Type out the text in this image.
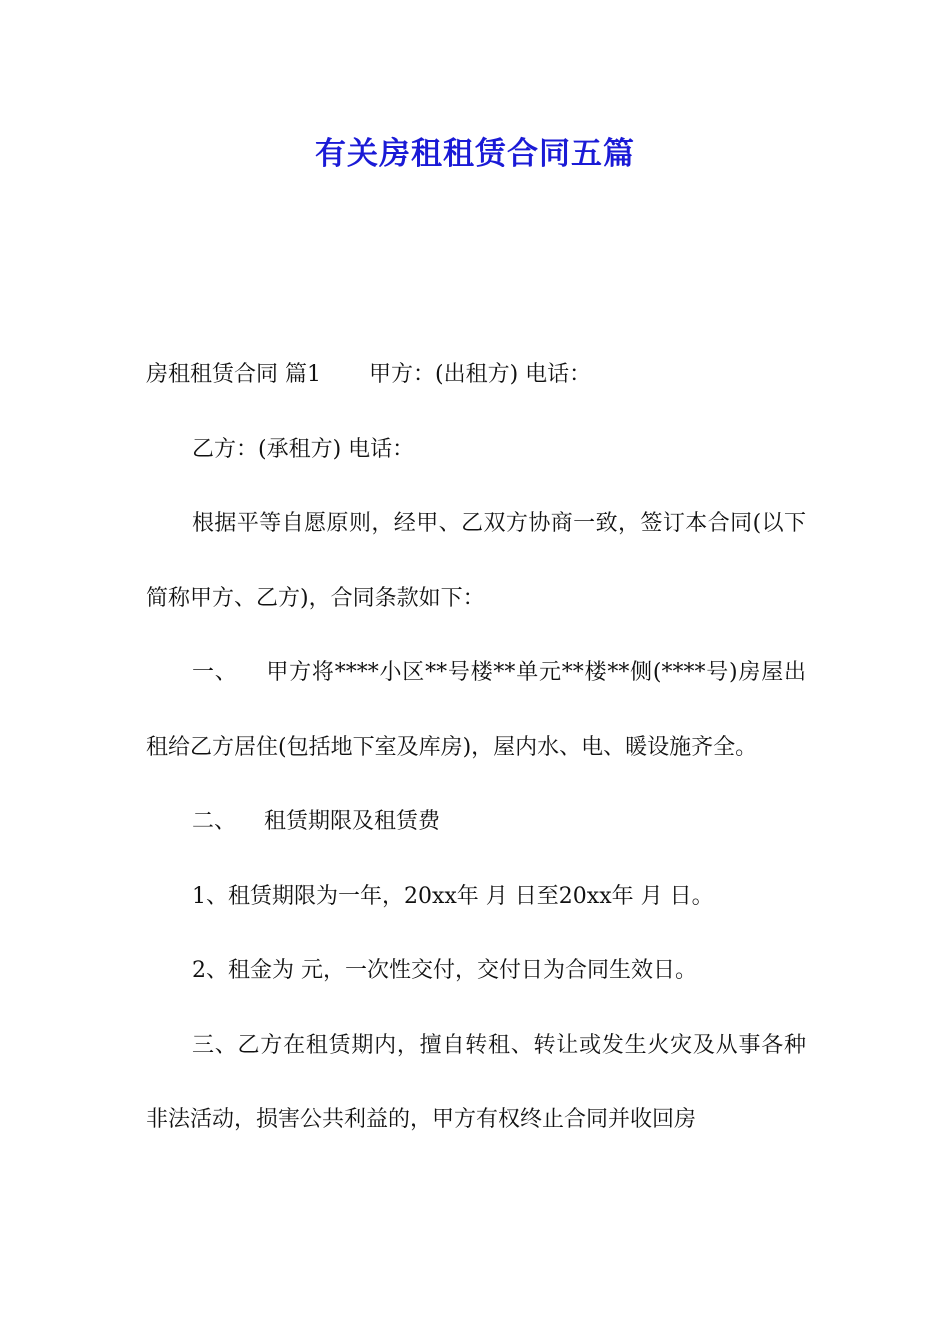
有关房租租赁合同五篇

房租租赁合同 篇1 甲方：(出租方) 电话：

乙方：(承租方) 电话：

根据平等自愿原则，经甲、乙双方协商一致，签订本合同(以下简称甲方、乙方)，合同条款如下：

一、 甲方将****小区**号楼**单元**楼**侧(****号)房屋出租给乙方居住(包括地下室及库房)，屋内水、电、暖设施齐全。

二、 租赁期限及租赁费

1、租赁期限为一年，20xx年 月 日至20xx年 月 日。

2、租金为 元，一次性交付，交付日为合同生效日。

三、乙方在租赁期内，擅自转租、转让或发生火灾及从事各种非法活动，损害公共利益的，甲方有权终止合同并收回房
